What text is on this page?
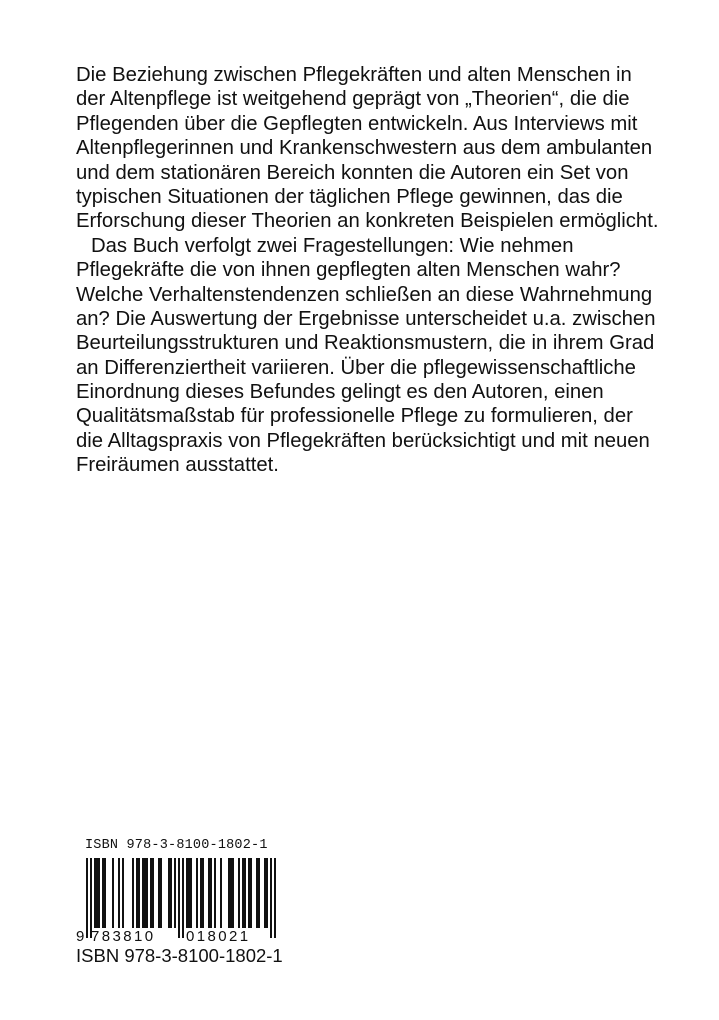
Die Beziehung zwischen Pflegekräften und alten Menschen in
der Altenpflege ist weitgehend geprägt von „Theorien“, die die
Pflegenden über die Gepflegten entwickeln. Aus Interviews mit
Altenpflegerinnen und Krankenschwestern aus dem ambulanten
und dem stationären Bereich konnten die Autoren ein Set von
typischen Situationen der täglichen Pflege gewinnen, das die
Erforschung dieser Theorien an konkreten Beispielen ermöglicht.
Das Buch verfolgt zwei Fragestellungen: Wie nehmen
Pflegekräfte die von ihnen gepflegten alten Menschen wahr?
Welche Verhaltenstendenzen schließen an diese Wahrnehmung
an? Die Auswertung der Ergebnisse unterscheidet u.a. zwischen
Beurteilungsstrukturen und Reaktionsmustern, die in ihrem Grad
an Differenziertheit variieren. Über die pflegewissenschaftliche
Einordnung dieses Befundes gelingt es den Autoren, einen
Qualitätsmaßstab für professionelle Pflege zu formulieren, der
die Alltagspraxis von Pflegekräften berücksichtigt und mit neuen
Freiräumen ausstattet.
ISBN 978-3-8100-1802-1
9 783810 018021
ISBN 978-3-8100-1802-1
